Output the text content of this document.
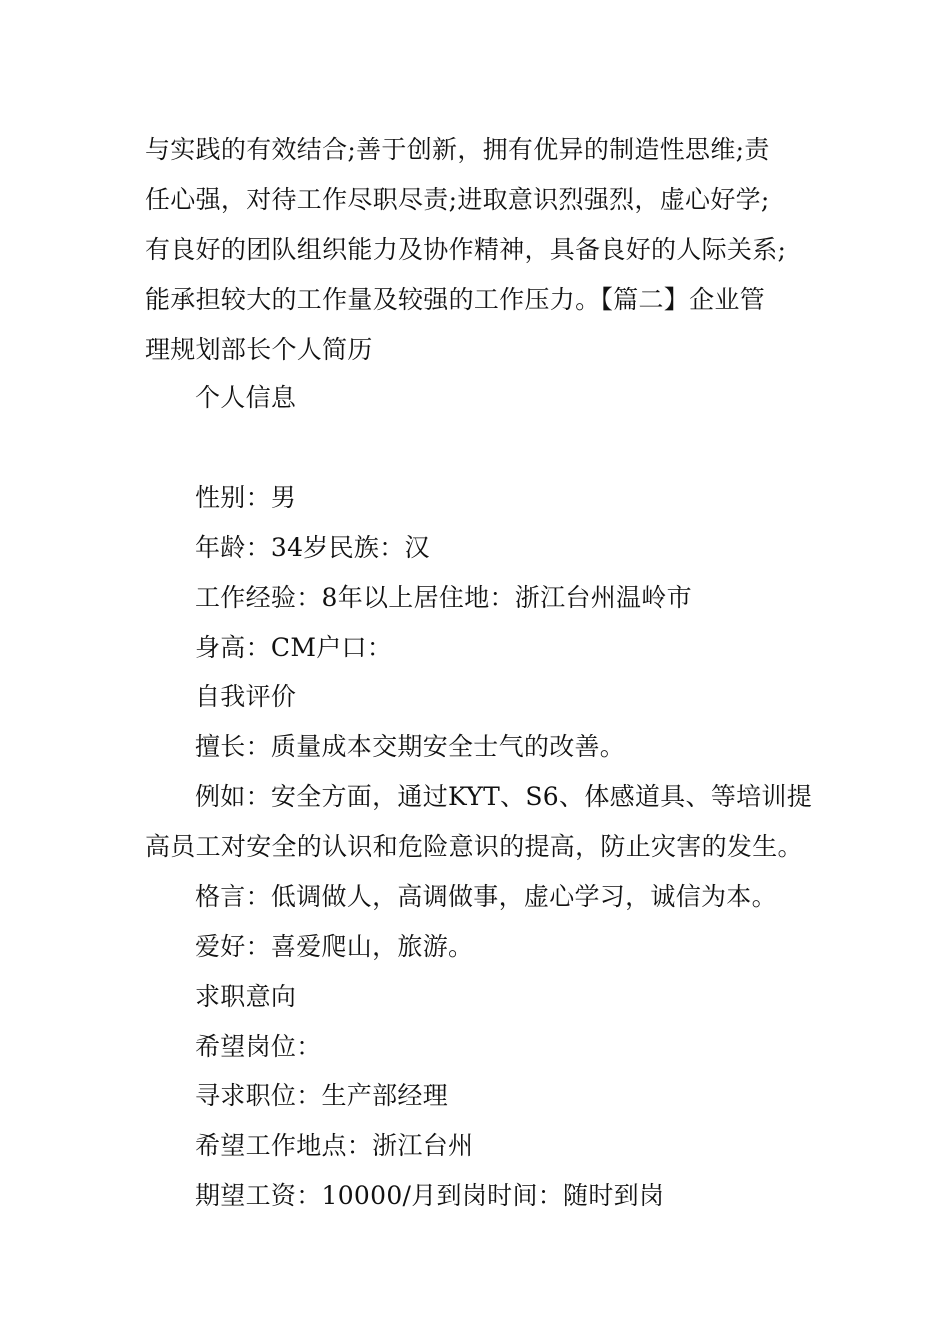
与实践的有效结合;善于创新，拥有优异的制造性思维;责
任心强，对待工作尽职尽责;进取意识烈强烈，虚心好学;
有良好的团队组织能力及协作精神，具备良好的人际关系;
能承担较大的工作量及较强的工作压力。【篇二】企业管
理规划部长个人简历
个人信息
性别：男
年龄：34岁民族：汉
工作经验：8年以上居住地：浙江台州温岭市
身高：CM户口：
自我评价
擅长：质量成本交期安全士气的改善。
例如：安全方面，通过KYT、S6、体感道具、等培训提
高员工对安全的认识和危险意识的提高，防止灾害的发生。
格言：低调做人，高调做事，虚心学习，诚信为本。
爱好：喜爱爬山，旅游。
求职意向
希望岗位：
寻求职位：生产部经理
希望工作地点：浙江台州
期望工资：10000/月到岗时间：随时到岗
